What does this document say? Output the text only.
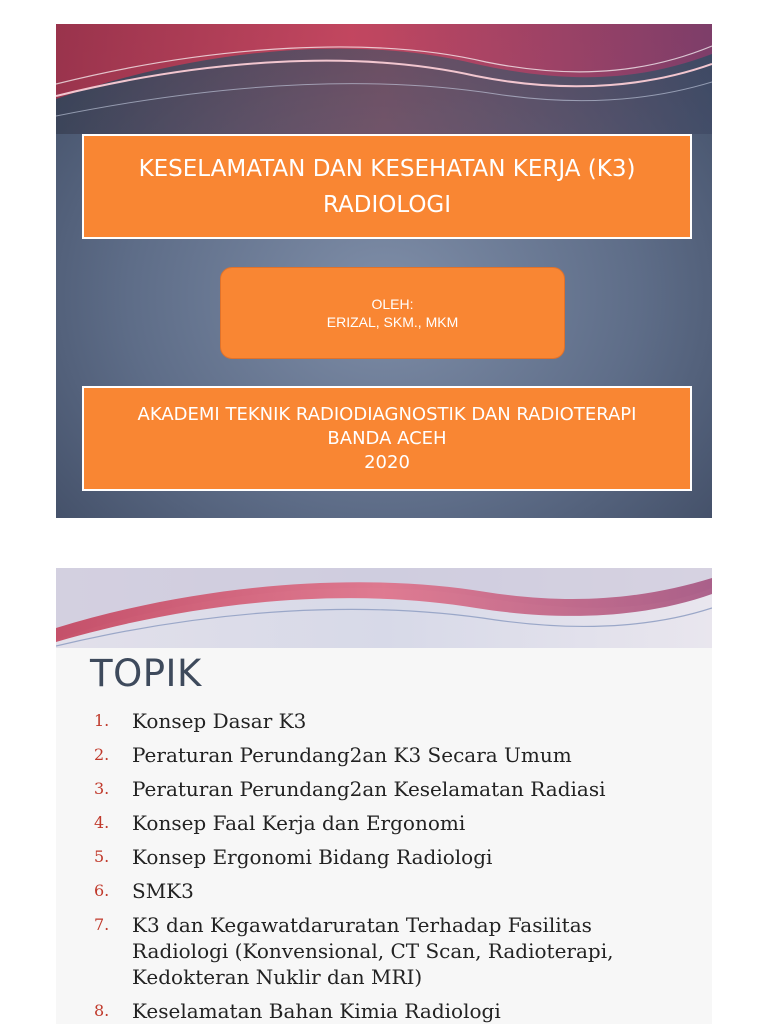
KESELAMATAN DAN KESEHATAN KERJA (K3)
RADIOLOGI
OLEH:
ERIZAL, SKM., MKM
AKADEMI TEKNIK RADIODIAGNOSTIK DAN RADIOTERAPI
BANDA ACEH
2020
TOPIK
1.	Konsep Dasar K3
2.	Peraturan Perundang2an K3 Secara Umum
3.	Peraturan Perundang2an Keselamatan Radiasi
4.	Konsep Faal Kerja dan Ergonomi
5.	Konsep Ergonomi Bidang Radiologi
6.	SMK3
7.	K3 dan Kegawatdaruratan Terhadap Fasilitas
Radiologi (Konvensional, CT Scan, Radioterapi,
Kedokteran Nuklir dan MRI)
8.	Keselamatan Bahan Kimia Radiologi
